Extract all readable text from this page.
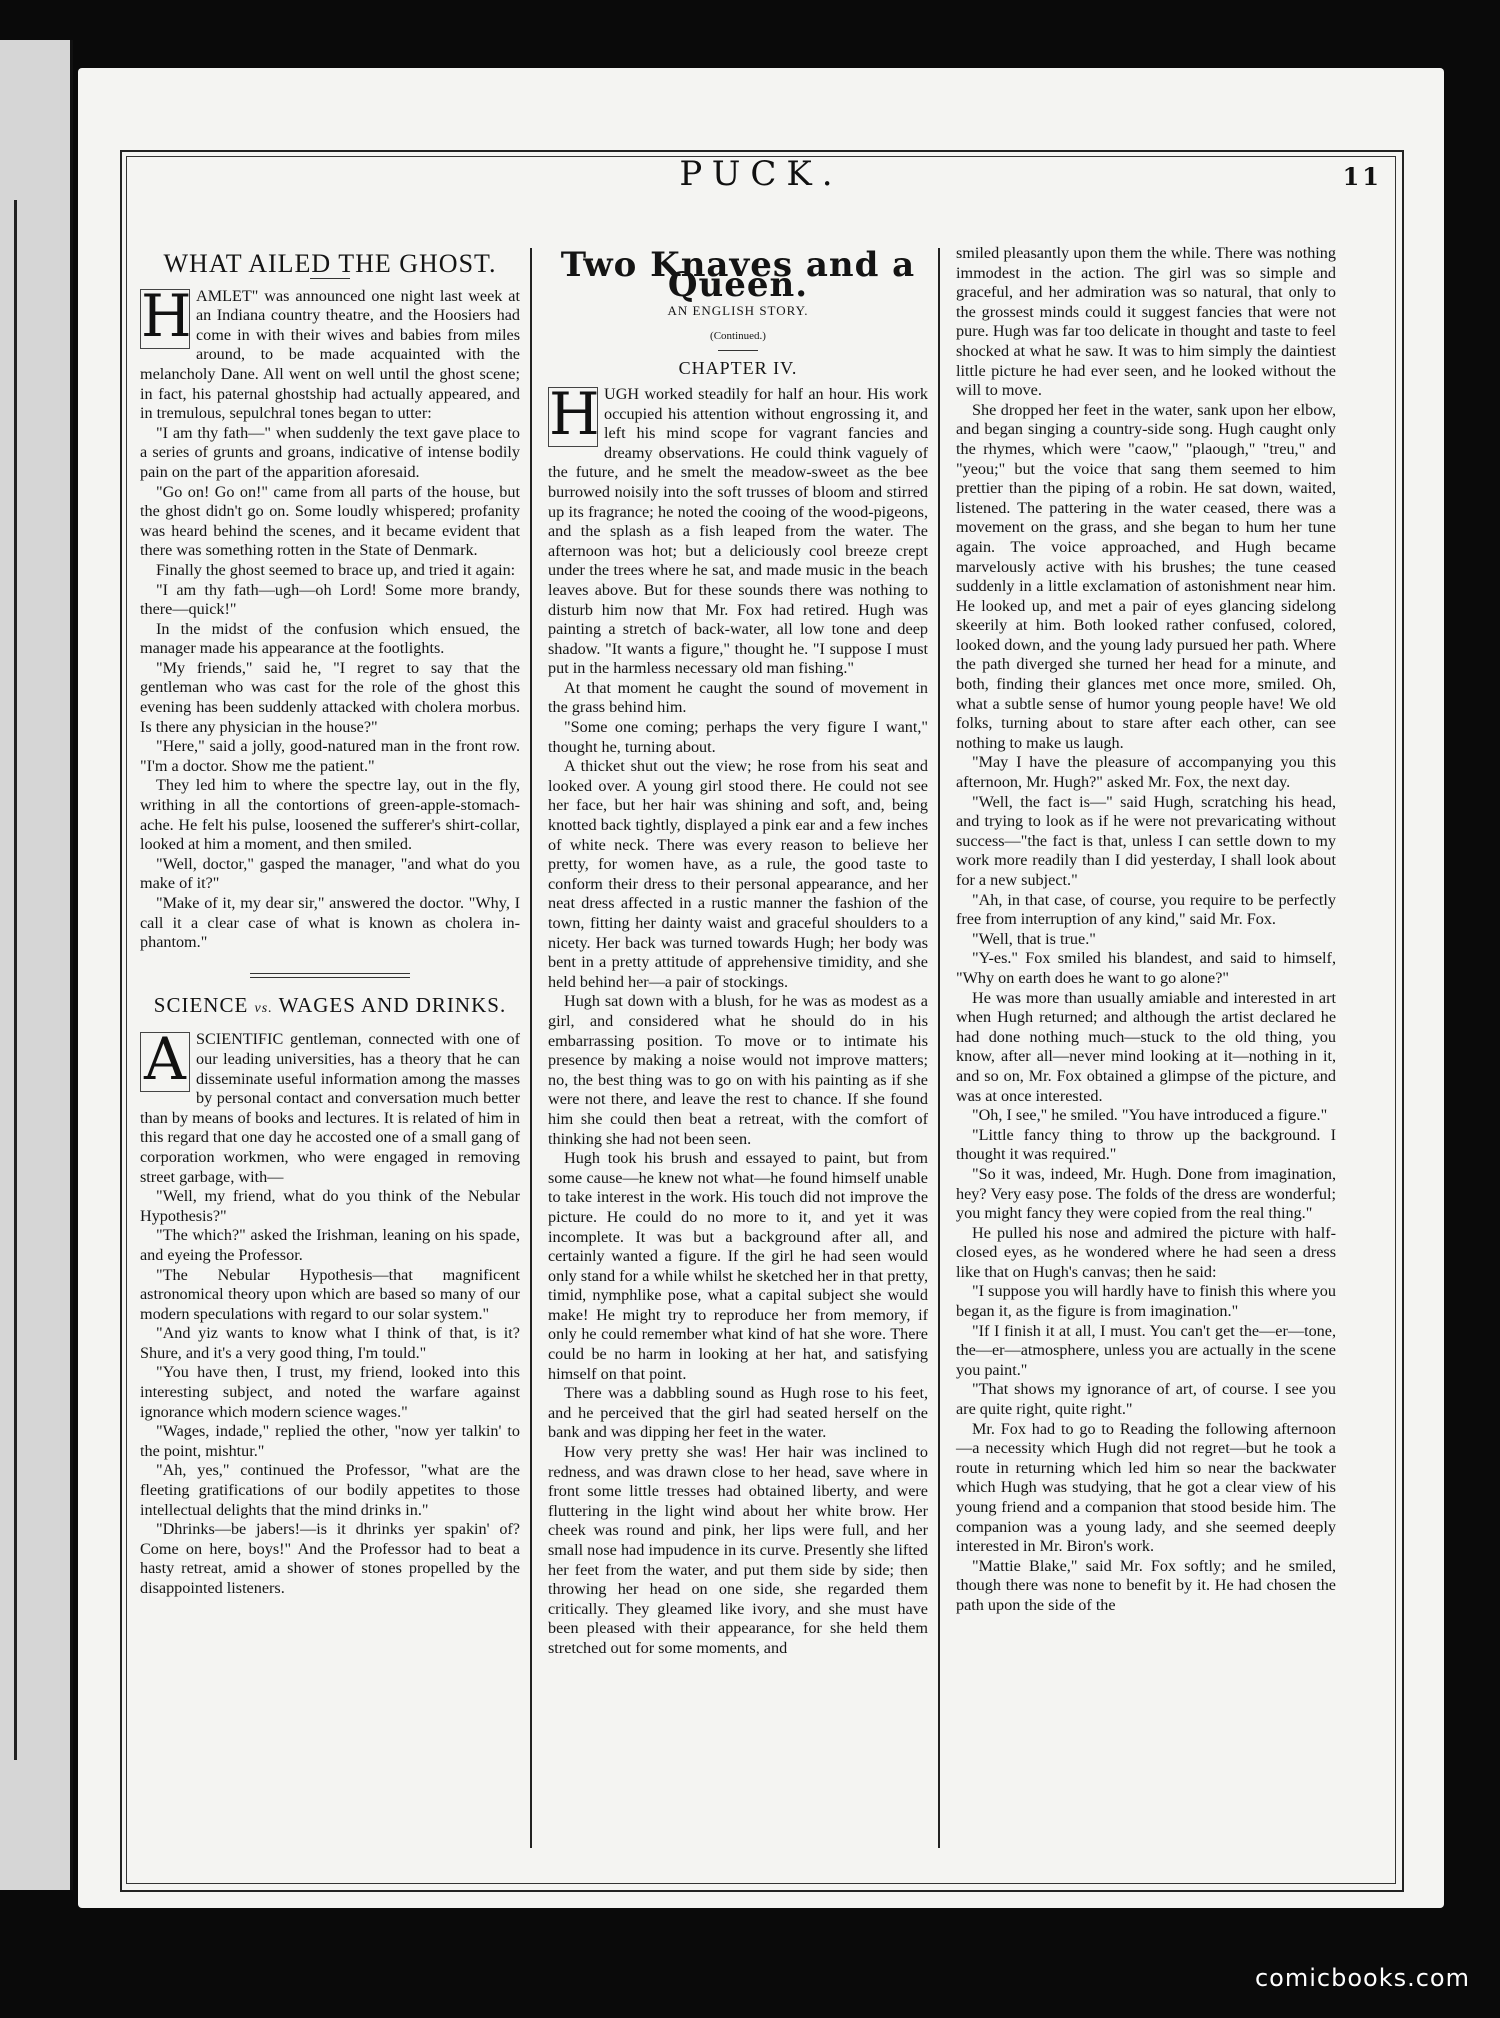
PUCK.	11
WHAT AILED THE GHOST.

H AMLET" was announced one night last week at an Indiana country theatre, and the Hoosiers had come in with their wives and babies from miles around, to be made acquainted with the melancholy Dane. All went on well until the ghost scene; in fact, his paternal ghostship had actually appeared, and in tremulous, sepulchral tones began to utter:

"I am thy fath—" when suddenly the text gave place to a series of grunts and groans, indicative of intense bodily pain on the part of the apparition aforesaid.

"Go on! Go on!" came from all parts of the house, but the ghost didn't go on. Some loudly whispered; profanity was heard behind the scenes, and it became evident that there was something rotten in the State of Denmark.

Finally the ghost seemed to brace up, and tried it again:

"I am thy fath—ugh—oh Lord! Some more brandy, there—quick!"

In the midst of the confusion which ensued, the manager made his appearance at the footlights.

"My friends," said he, "I regret to say that the gentleman who was cast for the role of the ghost this evening has been suddenly attacked with cholera morbus. Is there any physician in the house?"

"Here," said a jolly, good-natured man in the front row. "I'm a doctor. Show me the patient."

They led him to where the spectre lay, out in the fly, writhing in all the contortions of green-apple-stomach-ache. He felt his pulse, loosened the sufferer's shirt-collar, looked at him a moment, and then smiled.

"Well, doctor," gasped the manager, "and what do you make of it?"

"Make of it, my dear sir," answered the doctor. "Why, I call it a clear case of what is known as cholera in-phantom."

SCIENCE vs. WAGES AND DRINKS.

A SCIENTIFIC gentleman, connected with one of our leading universities, has a theory that he can disseminate useful information among the masses by personal contact and conversation much better than by means of books and lectures. It is related of him in this regard that one day he accosted one of a small gang of corporation workmen, who were engaged in removing street garbage, with—

"Well, my friend, what do you think of the Nebular Hypothesis?"

"The which?" asked the Irishman, leaning on his spade, and eyeing the Professor.

"The Nebular Hypothesis—that magnificent astronomical theory upon which are based so many of our modern speculations with regard to our solar system."

"And yiz wants to know what I think of that, is it? Shure, and it's a very good thing, I'm tould."

"You have then, I trust, my friend, looked into this interesting subject, and noted the warfare against ignorance which modern science wages."

"Wages, indade," replied the other, "now yer talkin' to the point, mishtur."

"Ah, yes," continued the Professor, "what are the fleeting gratifications of our bodily appetites to those intellectual delights that the mind drinks in."

"Dhrinks—be jabers!—is it dhrinks yer spakin' of? Come on here, boys!" And the Professor had to beat a hasty retreat, amid a shower of stones propelled by the disappointed listeners.

Two Knaves and a Queen.
AN ENGLISH STORY.
(Continued.)
CHAPTER IV.

H UGH worked steadily for half an hour. His work occupied his attention without engrossing it, and left his mind scope for vagrant fancies and dreamy observations. He could think vaguely of the future, and he smelt the meadow-sweet as the bee burrowed noisily into the soft trusses of bloom and stirred up its fragrance; he noted the cooing of the wood-pigeons, and the splash as a fish leaped from the water. The afternoon was hot; but a deliciously cool breeze crept under the trees where he sat, and made music in the beach leaves above. But for these sounds there was nothing to disturb him now that Mr. Fox had retired. Hugh was painting a stretch of back-water, all low tone and deep shadow. "It wants a figure," thought he. "I suppose I must put in the harmless necessary old man fishing."

At that moment he caught the sound of movement in the grass behind him.

"Some one coming; perhaps the very figure I want," thought he, turning about.

A thicket shut out the view; he rose from his seat and looked over. A young girl stood there. He could not see her face, but her hair was shining and soft, and, being knotted back tightly, displayed a pink ear and a few inches of white neck. There was every reason to believe her pretty, for women have, as a rule, the good taste to conform their dress to their personal appearance, and her neat dress affected in a rustic manner the fashion of the town, fitting her dainty waist and graceful shoulders to a nicety. Her back was turned towards Hugh; her body was bent in a pretty attitude of apprehensive timidity, and she held behind her—a pair of stockings.

Hugh sat down with a blush, for he was as modest as a girl, and considered what he should do in his embarrassing position. To move or to intimate his presence by making a noise would not improve matters; no, the best thing was to go on with his painting as if she were not there, and leave the rest to chance. If she found him she could then beat a retreat, with the comfort of thinking she had not been seen.

Hugh took his brush and essayed to paint, but from some cause—he knew not what—he found himself unable to take interest in the work. His touch did not improve the picture. He could do no more to it, and yet it was incomplete. It was but a background after all, and certainly wanted a figure. If the girl he had seen would only stand for a while whilst he sketched her in that pretty, timid, nymphlike pose, what a capital subject she would make! He might try to reproduce her from memory, if only he could remember what kind of hat she wore. There could be no harm in looking at her hat, and satisfying himself on that point.

There was a dabbling sound as Hugh rose to his feet, and he perceived that the girl had seated herself on the bank and was dipping her feet in the water.

How very pretty she was! Her hair was inclined to redness, and was drawn close to her head, save where in front some little tresses had obtained liberty, and were fluttering in the light wind about her white brow. Her cheek was round and pink, her lips were full, and her small nose had impudence in its curve. Presently she lifted her feet from the water, and put them side by side; then throwing her head on one side, she regarded them critically. They gleamed like ivory, and she must have been pleased with their appearance, for she held them stretched out for some moments, and

smiled pleasantly upon them the while. There was nothing immodest in the action. The girl was so simple and graceful, and her admiration was so natural, that only to the grossest minds could it suggest fancies that were not pure. Hugh was far too delicate in thought and taste to feel shocked at what he saw. It was to him simply the daintiest little picture he had ever seen, and he looked without the will to move.

She dropped her feet in the water, sank upon her elbow, and began singing a country-side song. Hugh caught only the rhymes, which were "caow," "plaough," "treu," and "yeou;" but the voice that sang them seemed to him prettier than the piping of a robin. He sat down, waited, listened. The pattering in the water ceased, there was a movement on the grass, and she began to hum her tune again. The voice approached, and Hugh became marvelously active with his brushes; the tune ceased suddenly in a little exclamation of astonishment near him. He looked up, and met a pair of eyes glancing sidelong skeerily at him. Both looked rather confused, colored, looked down, and the young lady pursued her path. Where the path diverged she turned her head for a minute, and both, finding their glances met once more, smiled. Oh, what a subtle sense of humor young people have! We old folks, turning about to stare after each other, can see nothing to make us laugh.

"May I have the pleasure of accompanying you this afternoon, Mr. Hugh?" asked Mr. Fox, the next day.

"Well, the fact is—" said Hugh, scratching his head, and trying to look as if he were not prevaricating without success—"the fact is that, unless I can settle down to my work more readily than I did yesterday, I shall look about for a new subject."

"Ah, in that case, of course, you require to be perfectly free from interruption of any kind," said Mr. Fox.

"Well, that is true."

"Y-es." Fox smiled his blandest, and said to himself, "Why on earth does he want to go alone?"

He was more than usually amiable and interested in art when Hugh returned; and although the artist declared he had done nothing much—stuck to the old thing, you know, after all—never mind looking at it—nothing in it, and so on, Mr. Fox obtained a glimpse of the picture, and was at once interested.

"Oh, I see," he smiled. "You have introduced a figure."

"Little fancy thing to throw up the background. I thought it was required."

"So it was, indeed, Mr. Hugh. Done from imagination, hey? Very easy pose. The folds of the dress are wonderful; you might fancy they were copied from the real thing."

He pulled his nose and admired the picture with half-closed eyes, as he wondered where he had seen a dress like that on Hugh's canvas; then he said:

"I suppose you will hardly have to finish this where you began it, as the figure is from imagination."

"If I finish it at all, I must. You can't get the—er—tone, the—er—atmosphere, unless you are actually in the scene you paint."

"That shows my ignorance of art, of course. I see you are quite right, quite right."

Mr. Fox had to go to Reading the following afternoon—a necessity which Hugh did not regret—but he took a route in returning which led him so near the backwater which Hugh was studying, that he got a clear view of his young friend and a companion that stood beside him. The companion was a young lady, and she seemed deeply interested in Mr. Biron's work.

"Mattie Blake," said Mr. Fox softly; and he smiled, though there was none to benefit by it. He had chosen the path upon the side of the

comicbooks.com
